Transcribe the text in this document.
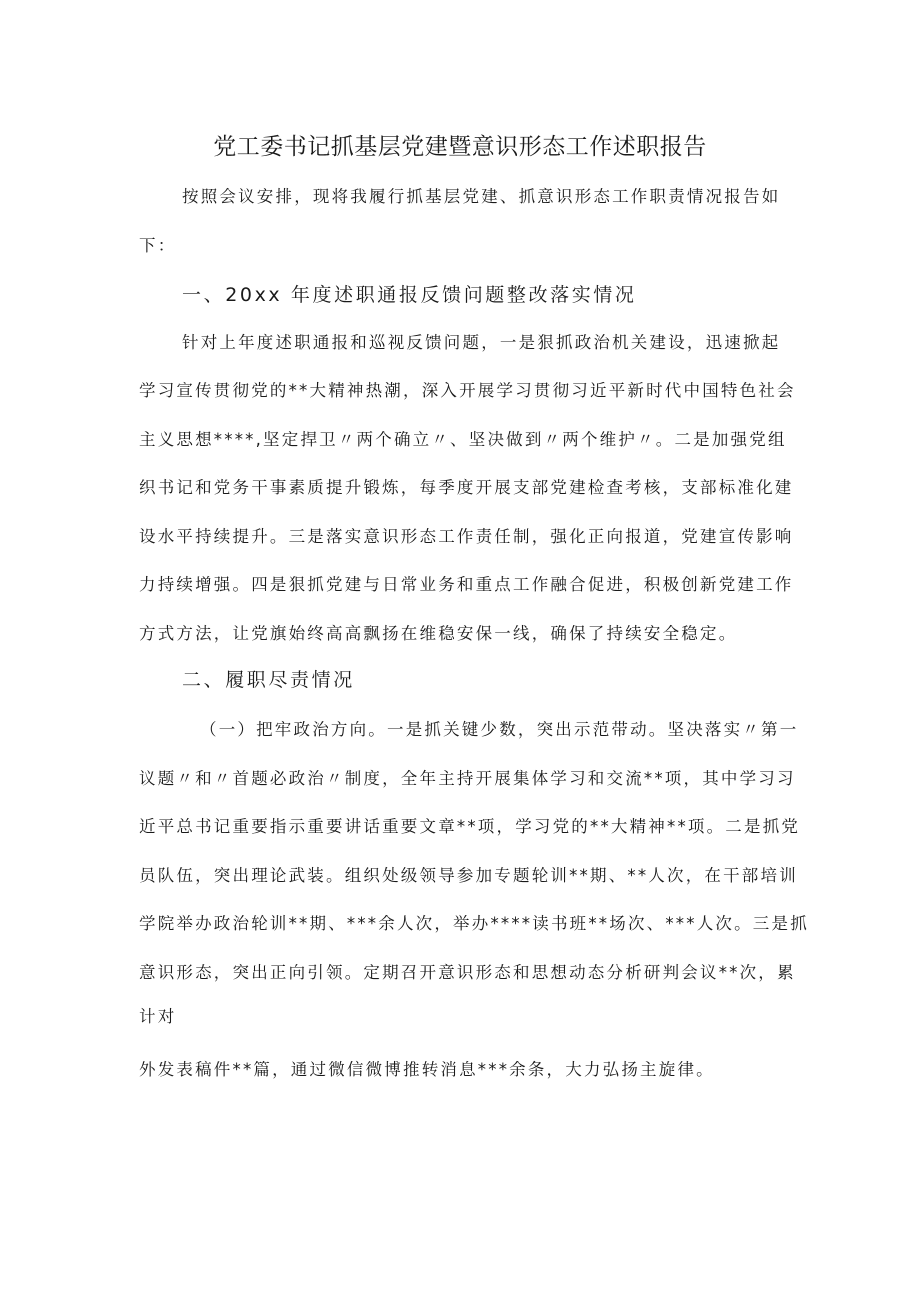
党工委书记抓基层党建暨意识形态工作述职报告
按照会议安排，现将我履行抓基层党建、抓意识形态工作职责情况报告如
下：
一、20xx 年度述职通报反馈问题整改落实情况
针对上年度述职通报和巡视反馈问题，一是狠抓政治机关建设，迅速掀起
学习宣传贯彻党的**大精神热潮，深入开展学习贯彻习近平新时代中国特色社会
主义思想****,坚定捍卫〃两个确立〃、坚决做到〃两个维护〃。二是加强党组
织书记和党务干事素质提升锻炼，每季度开展支部党建检查考核，支部标准化建
设水平持续提升。三是落实意识形态工作责任制，强化正向报道，党建宣传影响
力持续增强。四是狠抓党建与日常业务和重点工作融合促进，积极创新党建工作
方式方法，让党旗始终高高飘扬在维稳安保一线，确保了持续安全稳定。
二、履职尽责情况
（一）把牢政治方向。一是抓关键少数，突出示范带动。坚决落实〃第一
议题〃和〃首题必政治〃制度，全年主持开展集体学习和交流**项，其中学习习
近平总书记重要指示重要讲话重要文章**项，学习党的**大精神**项。二是抓党
员队伍，突出理论武装。组织处级领导参加专题轮训**期、**人次，在干部培训
学院举办政治轮训**期、***余人次，举办****读书班**场次、***人次。三是抓
意识形态，突出正向引领。定期召开意识形态和思想动态分析研判会议**次，累
计对
外发表稿件**篇，通过微信微博推转消息***余条，大力弘扬主旋律。
